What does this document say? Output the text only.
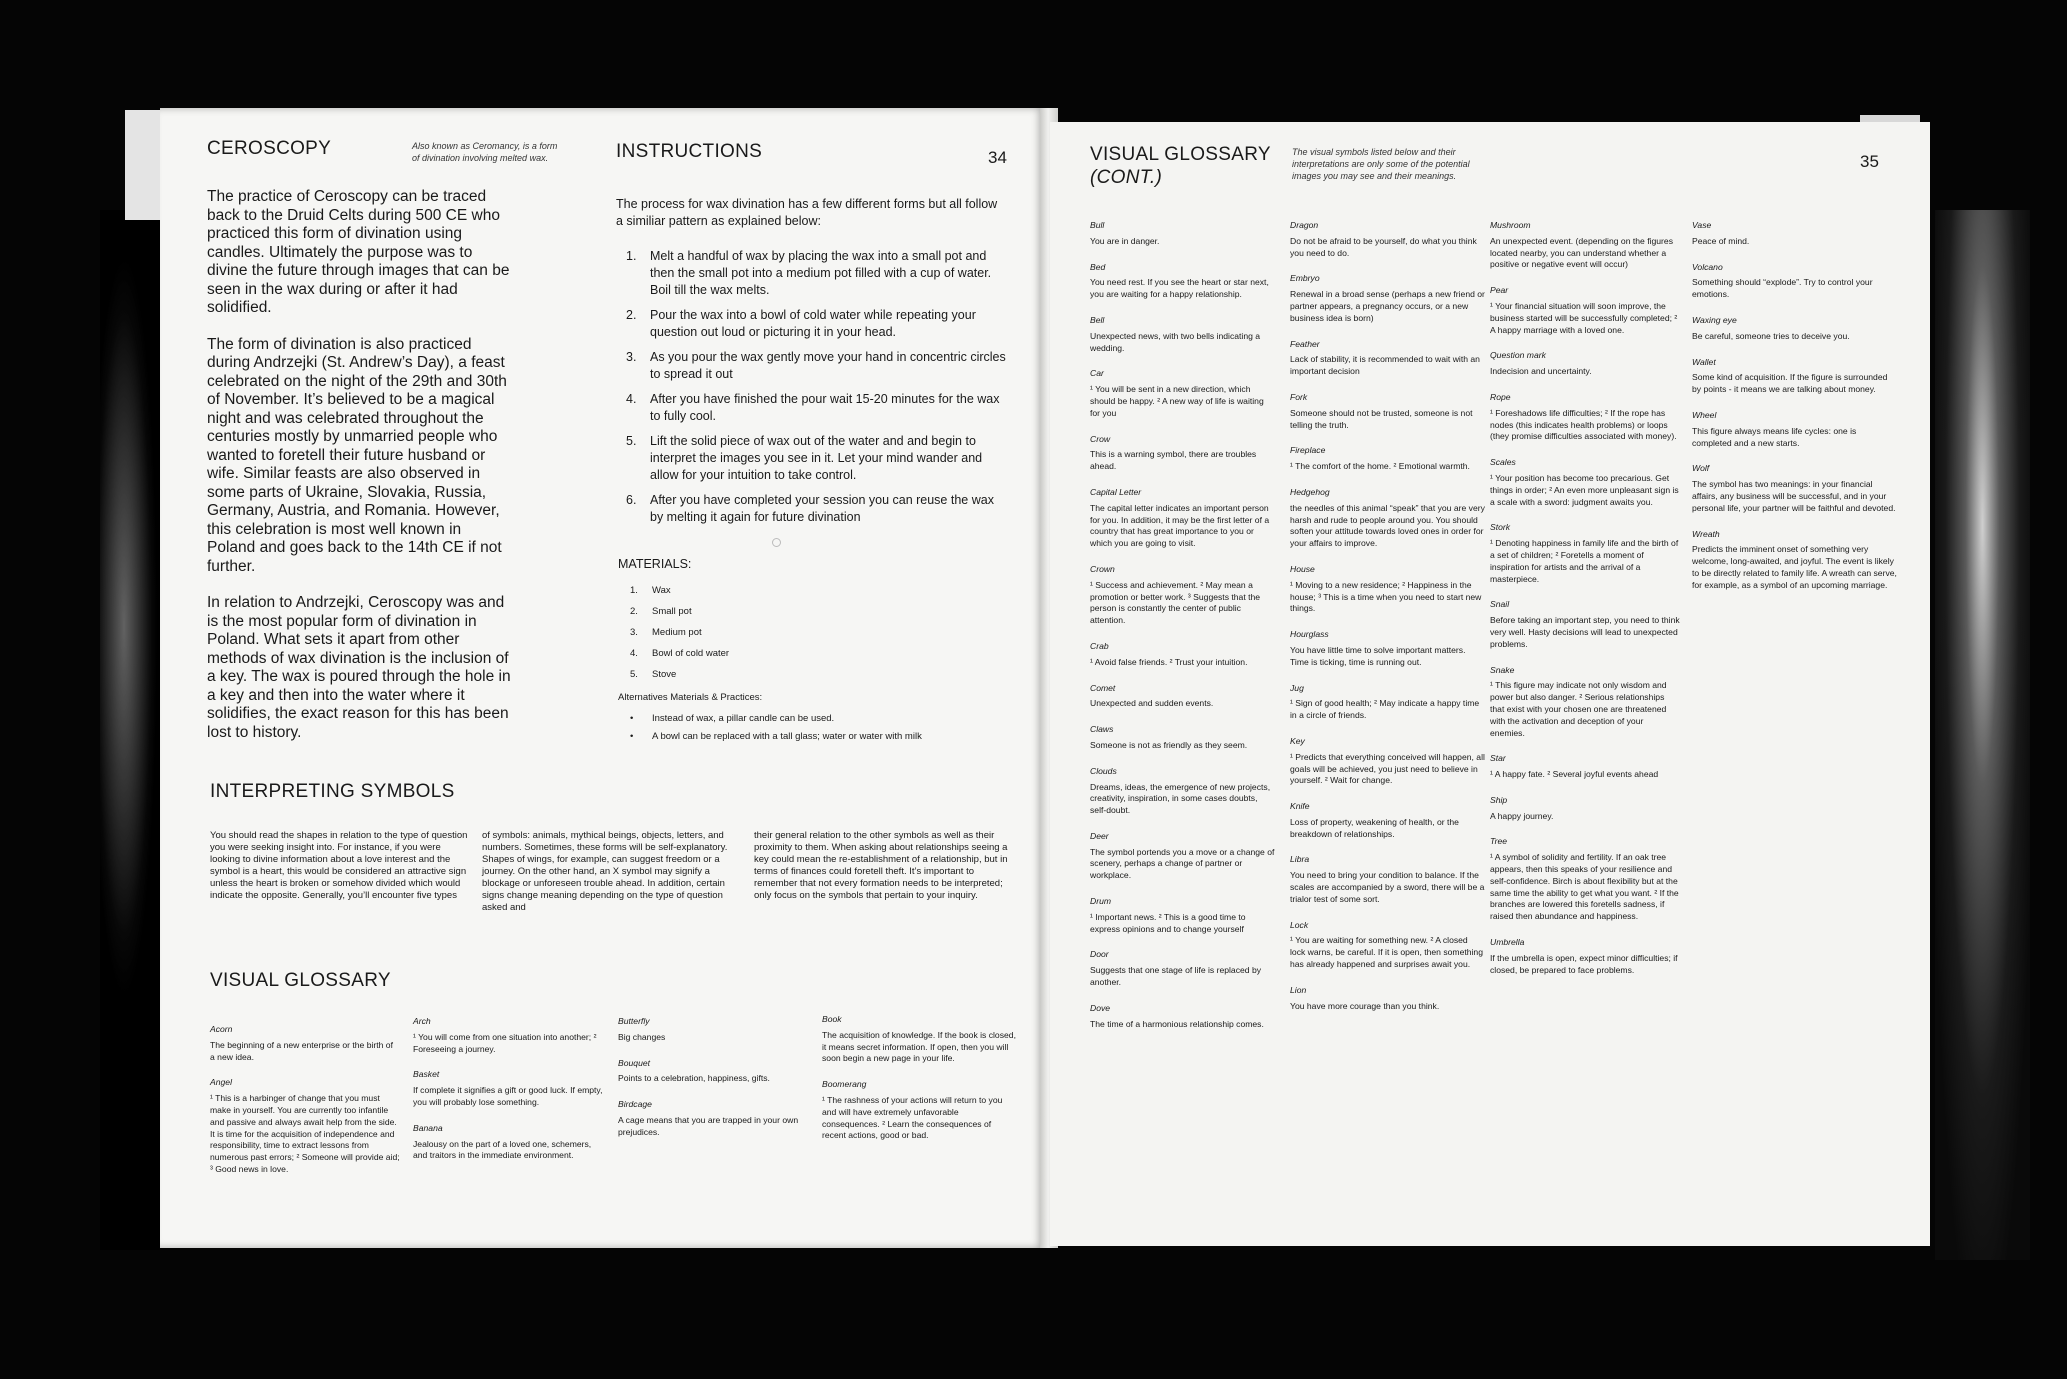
CEROSCOPY	Also known as Ceromancy, is a form of divination involving melted wax.

The practice of Ceroscopy can be traced back to the Druid Celts during 500 CE who practiced this form of divination using candles. Ultimately the purpose was to divine the future through images that can be seen in the wax during or after it had solidified.

The form of divination is also practiced during Andrzejki (St. Andrew’s Day), a feast celebrated on the night of the 29th and 30th of November. It’s believed to be a magical night and was celebrated throughout the centuries mostly by unmarried people who wanted to foretell their future husband or wife. Similar feasts are also observed in some parts of Ukraine, Slovakia, Russia, Germany, Austria, and Romania. However, this celebration is most well known in Poland and goes back to the 14th CE if not further.

In relation to Andrzejki, Ceroscopy was and is the most popular form of divination in Poland. What sets it apart from other methods of wax divination is the inclusion of a key. The wax is poured through the hole in a key and then into the water where it solidifies, the exact reason for this has been lost to history.

INSTRUCTIONS	34
The process for wax divination has a few different forms but all follow a similiar pattern as explained below:
1. Melt a handful of wax by placing the wax into a small pot and then the small pot into a medium pot filled with a cup of water. Boil till the wax melts.
2. Pour the wax into a bowl of cold water while repeating your question out loud or picturing it in your head.
3. As you pour the wax gently move your hand in concentric circles to spread it out
4. After you have finished the pour wait 15-20 minutes for the wax to fully cool.
5. Lift the solid piece of wax out of the water and and begin to interpret the images you see in it. Let your mind wander and allow for your intuition to take control.
6. After you have completed your session you can reuse the wax by melting it again for future divination
MATERIALS:
1. Wax
2. Small pot
3. Medium pot
4. Bowl of cold water
5. Stove
Alternatives Materials & Practices:
• Instead of wax, a pillar candle can be used.
• A bowl can be replaced with a tall glass; water or water with milk
INTERPRETING SYMBOLS
You should read the shapes in relation to the type of question you were seeking insight into. For instance, if you were looking to divine information about a love interest and the symbol is a heart, this would be considered an attractive sign unless the heart is broken or somehow divided which would indicate the opposite. Generally, you’ll encounter five types
of symbols: animals, mythical beings, objects, letters, and numbers. Sometimes, these forms will be self-explanatory. Shapes of wings, for example, can suggest freedom or a journey. On the other hand, an X symbol may signify a blockage or unforeseen trouble ahead. In addition, certain signs change meaning depending on the type of question asked and
their general relation to the other symbols as well as their proximity to them. When asking about relationships seeing a key could mean the re-establishment of a relationship, but in terms of finances could foretell theft. It’s important to remember that not every formation needs to be interpreted; only focus on the symbols that pertain to your inquiry.
VISUAL GLOSSARY
Acorn
The beginning of a new enterprise or the birth of a new idea.
Angel
¹ This is a harbinger of change that you must make in yourself. You are currently too infantile and passive and always await help from the side. It is time for the acquisition of independence and responsibility, time to extract lessons from numerous past errors; ² Someone will provide aid; ³ Good news in love.
Arch
¹ You will come from one situation into another; ² Foreseeing a journey.
Basket
If complete it signifies a gift or good luck. If empty, you will probably lose something.
Banana
Jealousy on the part of a loved one, schemers, and traitors in the immediate environment.
Butterfly
Big changes
Bouquet
Points to a celebration, happiness, gifts.
Birdcage
A cage means that you are trapped in your own prejudices.
Book
The acquisition of knowledge. If the book is closed, it means secret information. If open, then you will soon begin a new page in your life.
Boomerang
¹ The rashness of your actions will return to you and will have extremely unfavorable consequences. ² Learn the consequences of recent actions, good or bad.
VISUAL GLOSSARY
(CONT.)
The visual symbols listed below and their interpretations are only some of the potential images you may see and their meanings.
35
Bull
You are in danger.
Bed
You need rest. If you see the heart or star next, you are waiting for a happy relationship.
Bell
Unexpected news, with two bells indicating a wedding.
Car
¹ You will be sent in a new direction, which should be happy. ² A new way of life is waiting for you
Crow
This is a warning symbol, there are troubles ahead.
Capital Letter
The capital letter indicates an important person for you. In addition, it may be the first letter of a country that has great importance to you or which you are going to visit.
Crown
¹ Success and achievement. ² May mean a promotion or better work. ³ Suggests that the person is constantly the center of public attention.
Crab
¹ Avoid false friends. ² Trust your intuition.
Comet
Unexpected and sudden events.
Claws
Someone is not as friendly as they seem.
Clouds
Dreams, ideas, the emergence of new projects, creativity, inspiration, in some cases doubts, self-doubt.
Deer
The symbol portends you a move or a change of scenery, perhaps a change of partner or workplace.
Drum
¹ Important news. ² This is a good time to express opinions and to change yourself
Door
Suggests that one stage of life is replaced by another.
Dove
The time of a harmonious relationship comes.
Dragon
Do not be afraid to be yourself, do what you think you need to do.
Embryo
Renewal in a broad sense (perhaps a new friend or partner appears, a pregnancy occurs, or a new business idea is born)
Feather
Lack of stability, it is recommended to wait with an important decision
Fork
Someone should not be trusted, someone is not telling the truth.
Fireplace
¹ The comfort of the home. ² Emotional warmth.
Hedgehog
the needles of this animal “speak” that you are very harsh and rude to people around you. You should soften your attitude towards loved ones in order for your affairs to improve.
House
¹ Moving to a new residence; ² Happiness in the house; ³ This is a time when you need to start new things.
Hourglass
You have little time to solve important matters. Time is ticking, time is running out.
Jug
¹ Sign of good health; ² May indicate a happy time in a circle of friends.
Key
¹ Predicts that everything conceived will happen, all goals will be achieved, you just need to believe in yourself. ² Wait for change.
Knife
Loss of property, weakening of health, or the breakdown of relationships.
Libra
You need to bring your condition to balance. If the scales are accompanied by a sword, there will be a trialor test of some sort.
Lock
¹ You are waiting for something new. ² A closed lock warns, be careful. If it is open, then something has already happened and surprises await you.
Lion
You have more courage than you think.
Mushroom
An unexpected event. (depending on the figures located nearby, you can understand whether a positive or negative event will occur)
Pear
¹ Your financial situation will soon improve, the business started will be successfully completed; ² A happy marriage with a loved one.
Question mark
Indecision and uncertainty.
Rope
¹ Foreshadows life difficulties; ² If the rope has nodes (this indicates health problems) or loops (they promise difficulties associated with money).
Scales
¹ Your position has become too precarious. Get things in order; ² An even more unpleasant sign is a scale with a sword: judgment awaits you.
Stork
¹ Denoting happiness in family life and the birth of a set of children; ² Foretells a moment of inspiration for artists and the arrival of a masterpiece.
Snail
Before taking an important step, you need to think very well. Hasty decisions will lead to unexpected problems.
Snake
¹ This figure may indicate not only wisdom and power but also danger. ² Serious relationships that exist with your chosen one are threatened with the activation and deception of your enemies.
Star
¹ A happy fate. ² Several joyful events ahead
Ship
A happy journey.
Tree
¹ A symbol of solidity and fertility. If an oak tree appears, then this speaks of your resilience and self-confidence. Birch is about flexibility but at the same time the ability to get what you want. ² If the branches are lowered this foretells sadness, if raised then abundance and happiness.
Umbrella
If the umbrella is open, expect minor difficulties; if closed, be prepared to face problems.
Vase
Peace of mind.
Volcano
Something should “explode”. Try to control your emotions.
Waxing eye
Be careful, someone tries to deceive you.
Wallet
Some kind of acquisition. If the figure is surrounded by points - it means we are talking about money.
Wheel
This figure always means life cycles: one is completed and a new starts.
Wolf
The symbol has two meanings: in your financial affairs, any business will be successful, and in your personal life, your partner will be faithful and devoted.
Wreath
Predicts the imminent onset of something very welcome, long-awaited, and joyful. The event is likely to be directly related to family life. A wreath can serve, for example, as a symbol of an upcoming marriage.
